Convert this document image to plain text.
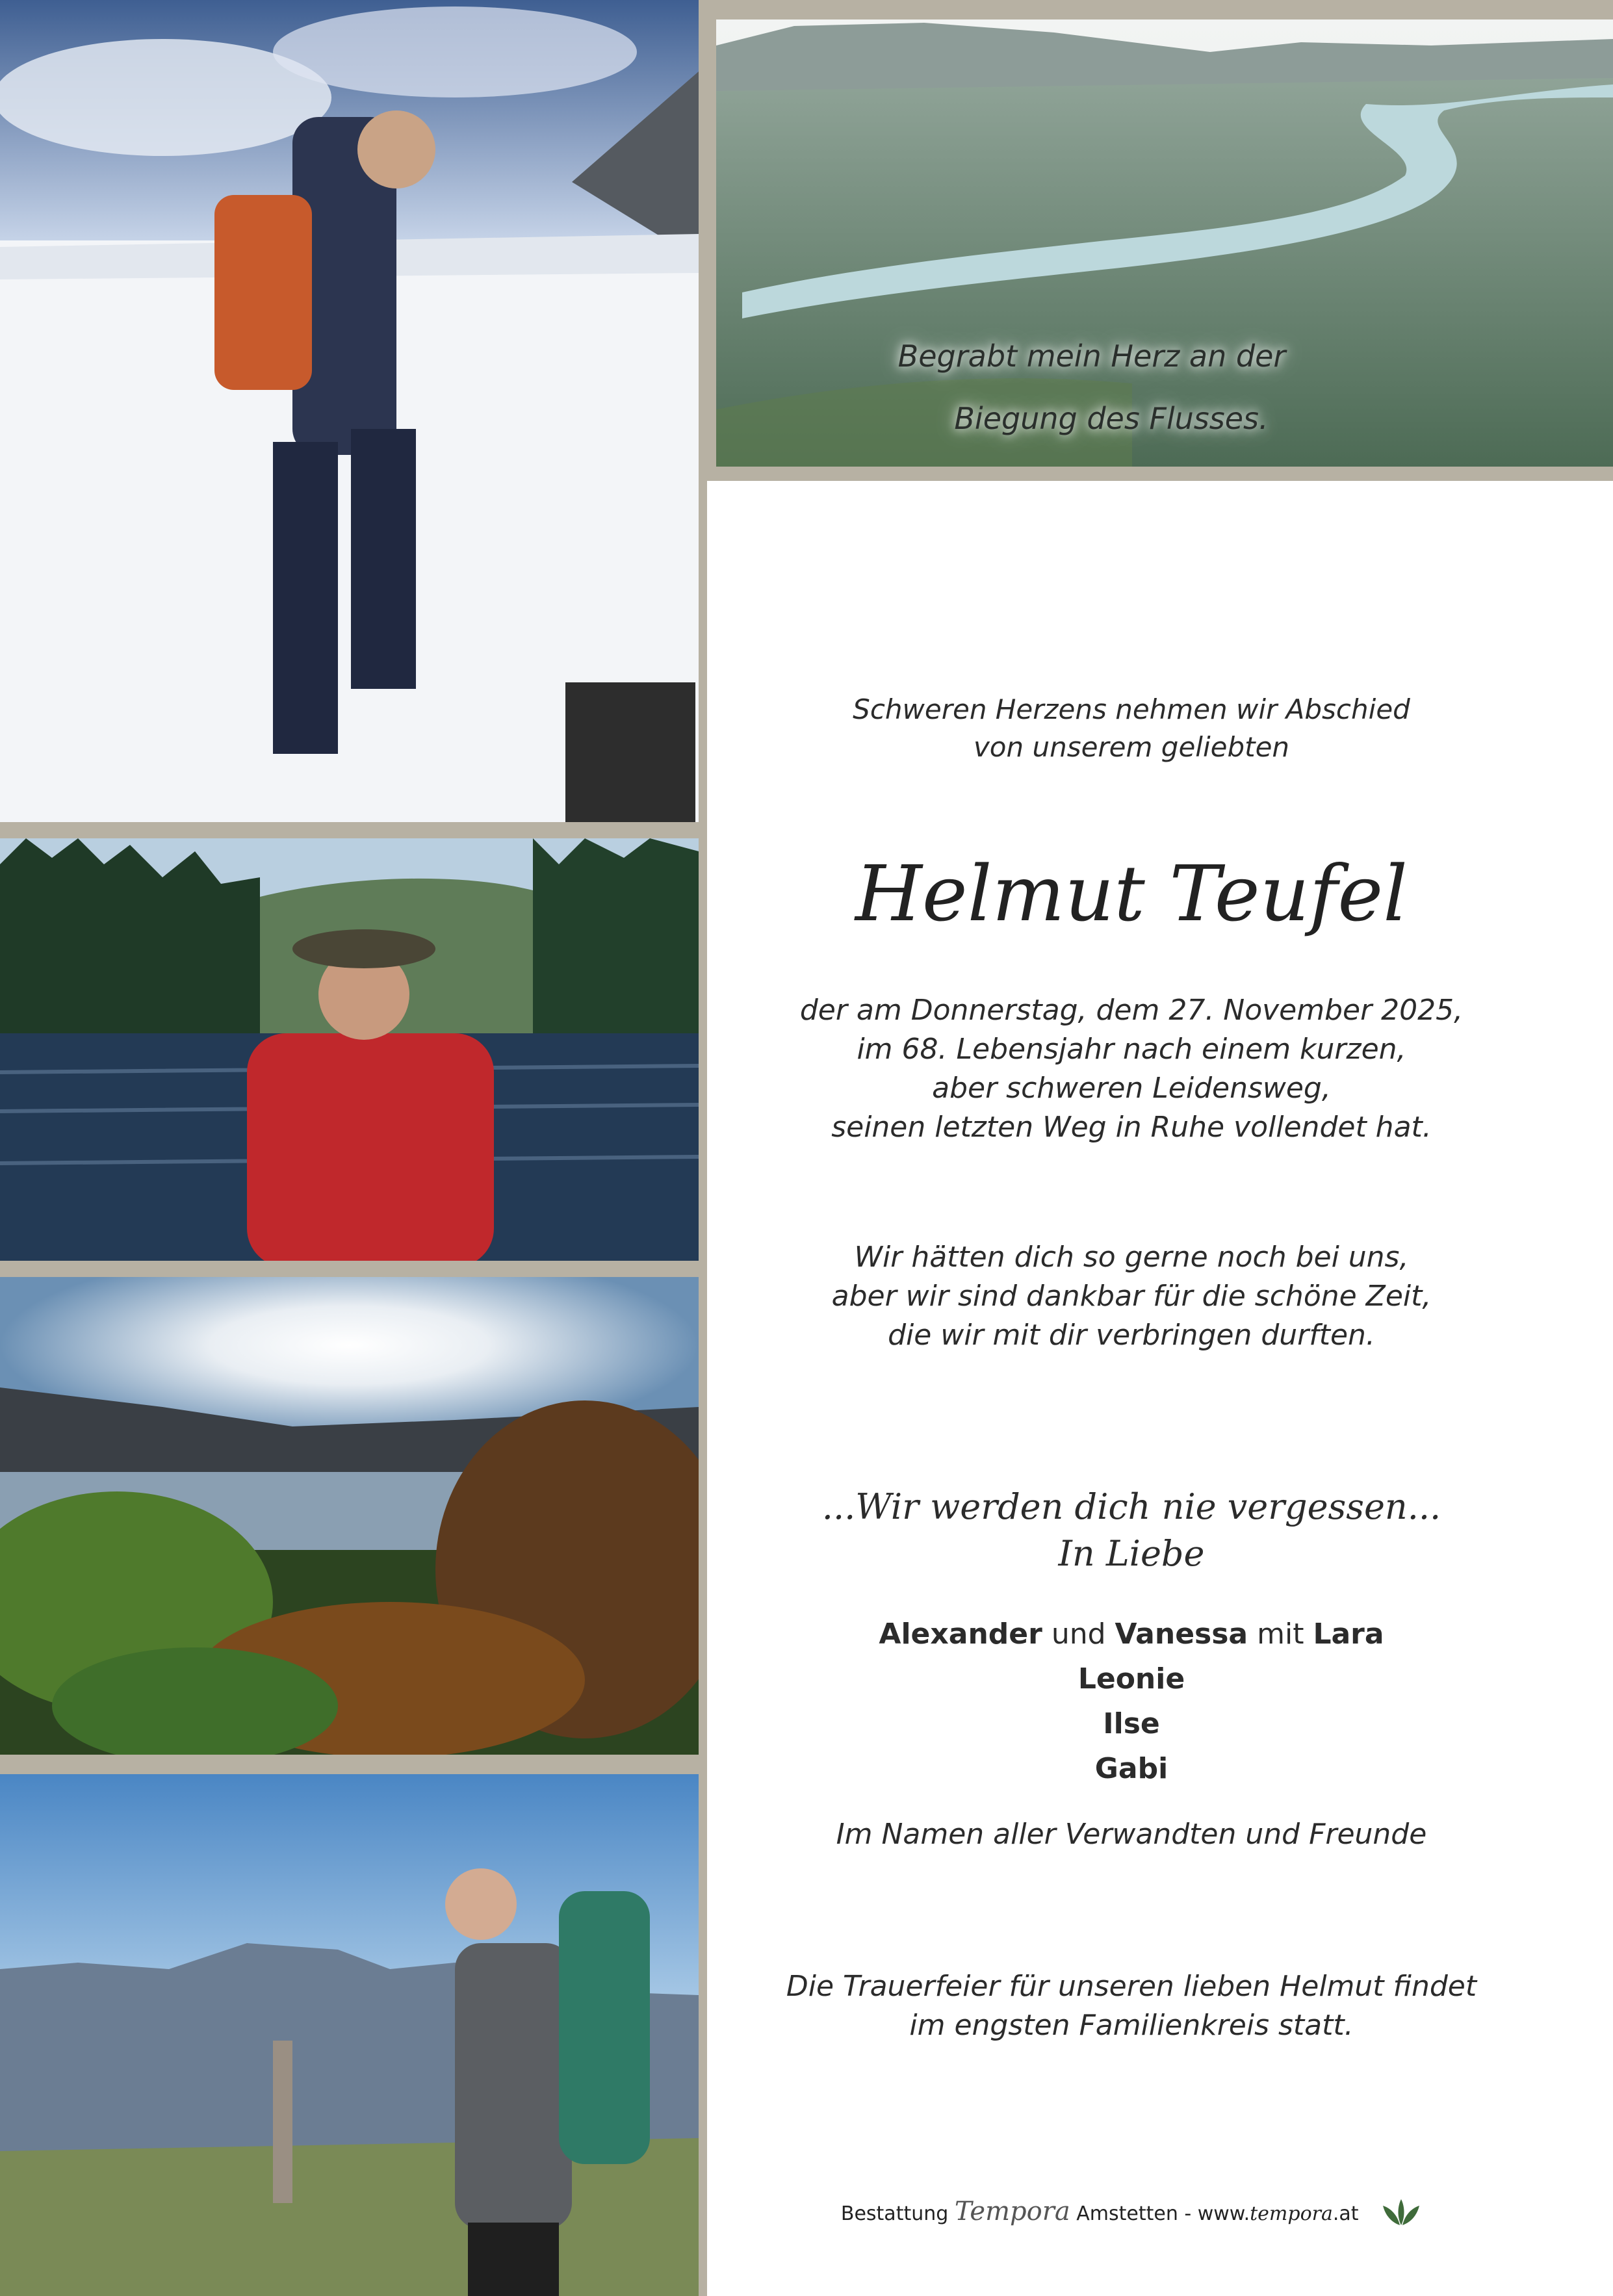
Begrabt mein Herz an der
Biegung des Flusses.
Schweren Herzens nehmen wir Abschied
von unserem geliebten
Helmut Teufel
der am Donnerstag, dem 27. November 2025,
im 68. Lebensjahr nach einem kurzen,
aber schweren Leidensweg,
seinen letzten Weg in Ruhe vollendet hat.
Wir hätten dich so gerne noch bei uns,
aber wir sind dankbar für die schöne Zeit,
die wir mit dir verbringen durften.
...Wir werden dich nie vergessen...
In Liebe
Alexander und Vanessa mit Lara
Leonie
Ilse
Gabi
Im Namen aller Verwandten und Freunde
Die Trauerfeier für unseren lieben Helmut findet
im engsten Familienkreis statt.
Bestattung Tempora Amstetten - www.tempora.at
